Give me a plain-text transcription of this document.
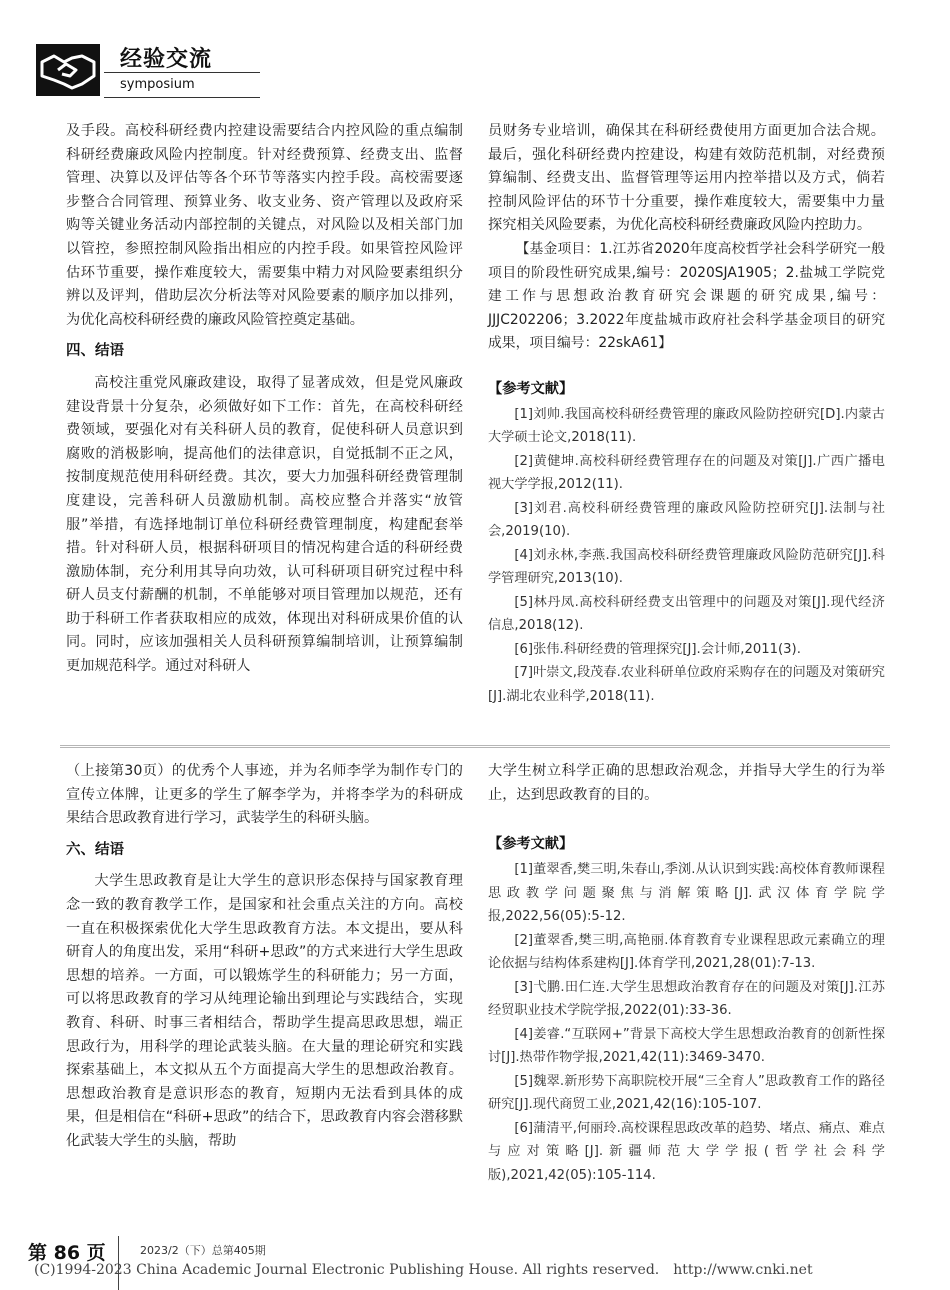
经验交流
symposium

及手段。高校科研经费内控建设需要结合内控风险的重点编制科研经费廉政风险内控制度。针对经费预算、经费支出、监督管理、决算以及评估等各个环节等落实内控手段。高校需要逐步整合合同管理、预算业务、收支业务、资产管理以及政府采购等关键业务活动内部控制的关键点，对风险以及相关部门加以管控，参照控制风险指出相应的内控手段。如果管控风险评估环节重要，操作难度较大，需要集中精力对风险要素组织分辨以及评判，借助层次分析法等对风险要素的顺序加以排列，为优化高校科研经费的廉政风险管控奠定基础。

四、结语

高校注重党风廉政建设，取得了显著成效，但是党风廉政建设背景十分复杂，必须做好如下工作：首先，在高校科研经费领域，要强化对有关科研人员的教育，促使科研人员意识到腐败的消极影响，提高他们的法律意识，自觉抵制不正之风，按制度规范使用科研经费。其次，要大力加强科研经费管理制度建设，完善科研人员激励机制。高校应整合并落实“放管服”举措，有选择地制订单位科研经费管理制度，构建配套举措。针对科研人员，根据科研项目的情况构建合适的科研经费激励体制，充分利用其导向功效，认可科研项目研究过程中科研人员支付薪酬的机制，不单能够对项目管理加以规范，还有助于科研工作者获取相应的成效，体现出对科研成果价值的认同。同时，应该加强相关人员科研预算编制培训，让预算编制更加规范科学。通过对科研人

员财务专业培训，确保其在科研经费使用方面更加合法合规。最后，强化科研经费内控建设，构建有效防范机制，对经费预算编制、经费支出、监督管理等运用内控举措以及方式，倘若控制风险评估的环节十分重要，操作难度较大，需要集中力量探究相关风险要素，为优化高校科研经费廉政风险内控助力。

【基金项目：1.江苏省2020年度高校哲学社会科学研究一般项目的阶段性研究成果,编号：2020SJA1905；2.盐城工学院党建工作与思想政治教育研究会课题的研究成果,编号：JJJC202206；3.2022年度盐城市政府社会科学基金项目的研究成果，项目编号：22skA61】

【参考文献】

[1]刘帅.我国高校科研经费管理的廉政风险防控研究[D].内蒙古大学硕士论文,2018(11).

[2]黄健坤.高校科研经费管理存在的问题及对策[J].广西广播电视大学学报,2012(11).

[3]刘君.高校科研经费管理的廉政风险防控研究[J].法制与社会,2019(10).

[4]刘永林,李燕.我国高校科研经费管理廉政风险防范研究[J].科学管理研究,2013(10).

[5]林丹凤.高校科研经费支出管理中的问题及对策[J].现代经济信息,2018(12).

[6]张伟.科研经费的管理探究[J].会计师,2011(3).

[7]叶崇文,段茂春.农业科研单位政府采购存在的问题及对策研究[J].湖北农业科学,2018(11).

（上接第30页）的优秀个人事迹，并为名师李学为制作专门的宣传立体牌，让更多的学生了解李学为，并将李学为的科研成果结合思政教育进行学习，武装学生的科研头脑。

六、结语

大学生思政教育是让大学生的意识形态保持与国家教育理念一致的教育教学工作，是国家和社会重点关注的方向。高校一直在积极探索优化大学生思政教育方法。本文提出，要从科研育人的角度出发，采用“科研+思政”的方式来进行大学生思政思想的培养。一方面，可以锻炼学生的科研能力；另一方面，可以将思政教育的学习从纯理论输出到理论与实践结合，实现教育、科研、时事三者相结合，帮助学生提高思政思想，端正思政行为，用科学的理论武装头脑。在大量的理论研究和实践探索基础上，本文拟从五个方面提高大学生的思想政治教育。思想政治教育是意识形态的教育，短期内无法看到具体的成果，但是相信在“科研+思政”的结合下，思政教育内容会潜移默化武装大学生的头脑，帮助

大学生树立科学正确的思想政治观念，并指导大学生的行为举止，达到思政教育的目的。

【参考文献】

[1]董翠香,樊三明,朱春山,季浏.从认识到实践:高校体育教师课程思政教学问题聚焦与消解策略[J].武汉体育学院学报,2022,56(05):5-12.

[2]董翠香,樊三明,高艳丽.体育教育专业课程思政元素确立的理论依据与结构体系建构[J].体育学刊,2021,28(01):7-13.

[3]弋鹏.田仁连.大学生思想政治教育存在的问题及对策[J].江苏经贸职业技术学院学报,2022(01):33-36.

[4]姜睿.“互联网+”背景下高校大学生思想政治教育的创新性探讨[J].热带作物学报,2021,42(11):3469-3470.

[5]魏翠.新形势下高职院校开展“三全育人”思政教育工作的路径研究[J].现代商贸工业,2021,42(16):105-107.

[6]蒲清平,何丽玲.高校课程思政改革的趋势、堵点、痛点、难点与应对策略[J].新疆师范大学学报(哲学社会科学版),2021,42(05):105-114.

第 86 页	2023/2（下）总第405期
(C)1994-2023 China Academic Journal Electronic Publishing House. All rights reserved. http://www.cnki.net
